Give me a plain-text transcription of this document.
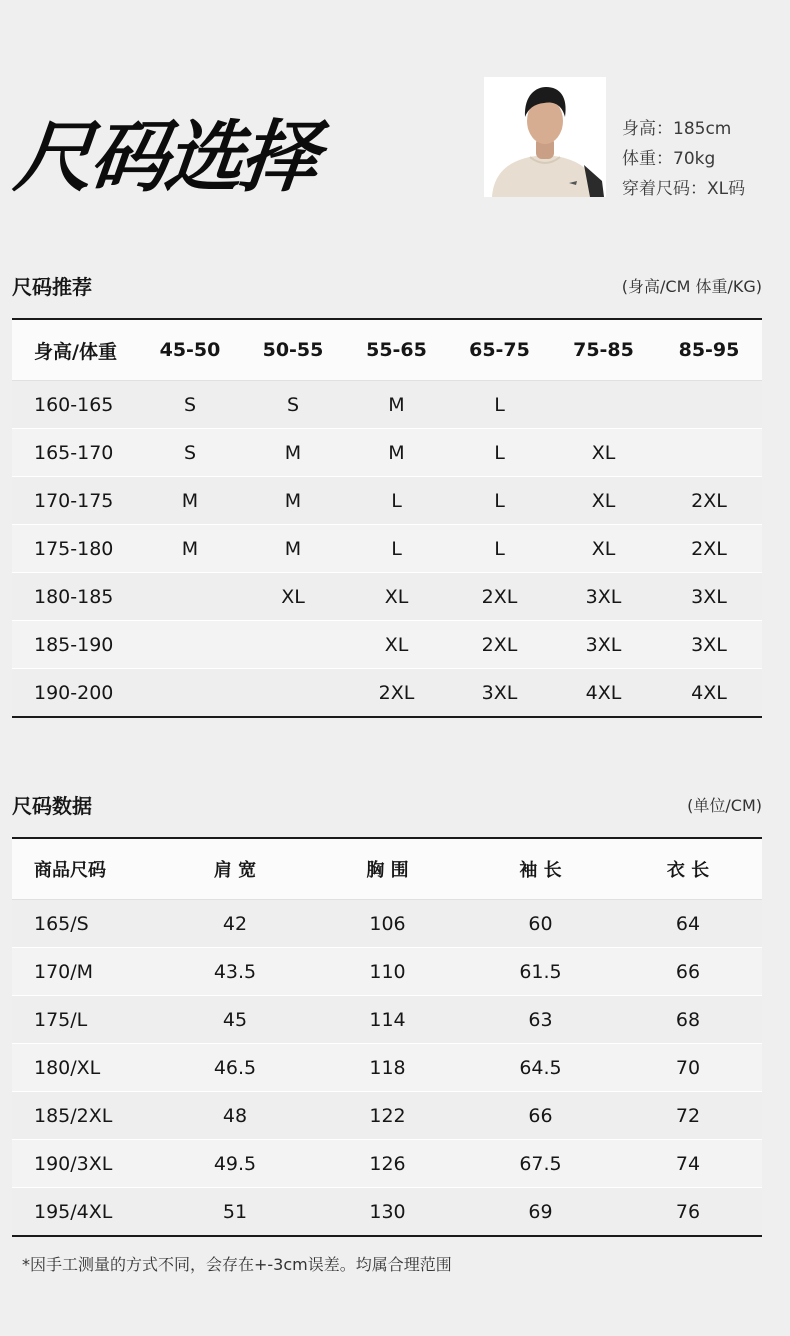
尺码选择	身高：185cm
体重：70kg
穿着尺码：XL码
尺码推荐	(身高/CM 体重/KG)
身高/体重	45-50	50-55	55-65	65-75	75-85	85-95
160-165	S	S	M	L		
165-170	S	M	M	L	XL	
170-175	M	M	L	L	XL	2XL
175-180	M	M	L	L	XL	2XL
180-185		XL	XL	2XL	3XL	3XL
185-190			XL	2XL	3XL	3XL
190-200			2XL	3XL	4XL	4XL
尺码数据	(单位/CM)
商品尺码	肩 宽	胸 围	袖 长	衣 长
165/S	42	106	60	64
170/M	43.5	110	61.5	66
175/L	45	114	63	68
180/XL	46.5	118	64.5	70
185/2XL	48	122	66	72
190/3XL	49.5	126	67.5	74
195/4XL	51	130	69	76
*因手工测量的方式不同，会存在+-3cm误差。均属合理范围
